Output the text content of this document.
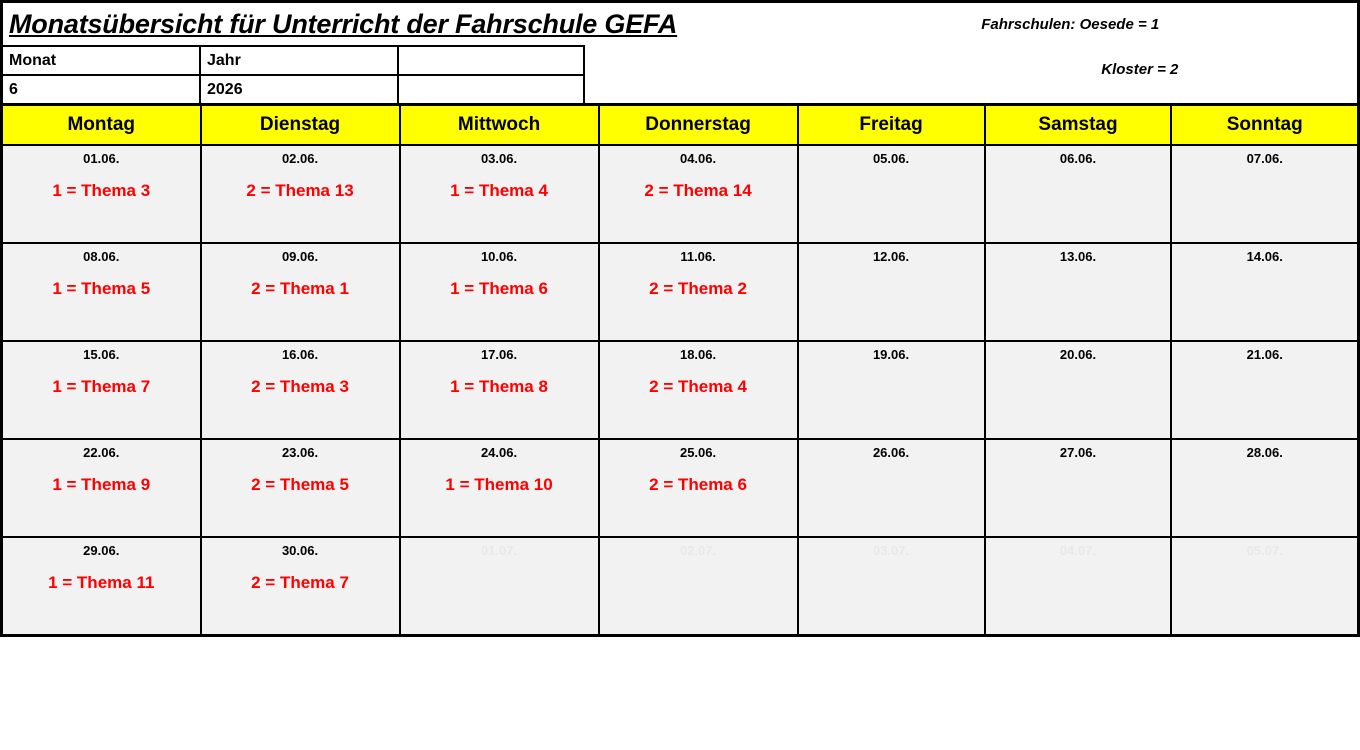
Monatsübersicht für Unterricht der Fahrschule GEFA
Monat	Jahr
6	2026
Fahrschulen: Oesede = 1
Kloster = 2
Montag	Dienstag	Mittwoch	Donnerstag	Freitag	Samstag	Sonntag
01.06.	02.06.	03.06.	04.06.	05.06.	06.06.	07.06.
1 = Thema 3	2 = Thema 13	1 = Thema 4	2 = Thema 14			

08.06.	09.06.	10.06.	11.06.	12.06.	13.06.	14.06.
1 = Thema 5	2 = Thema 1	1 = Thema 6	2 = Thema 2			

15.06.	16.06.	17.06.	18.06.	19.06.	20.06.	21.06.
1 = Thema 7	2 = Thema 3	1 = Thema 8	2 = Thema 4			

22.06.	23.06.	24.06.	25.06.	26.06.	27.06.	28.06.
1 = Thema 9	2 = Thema 5	1 = Thema 10	2 = Thema 6			

29.06.	30.06.	01.07.	02.07.	03.07.	04.07.	05.07.
1 = Thema 11	2 = Thema 7					
